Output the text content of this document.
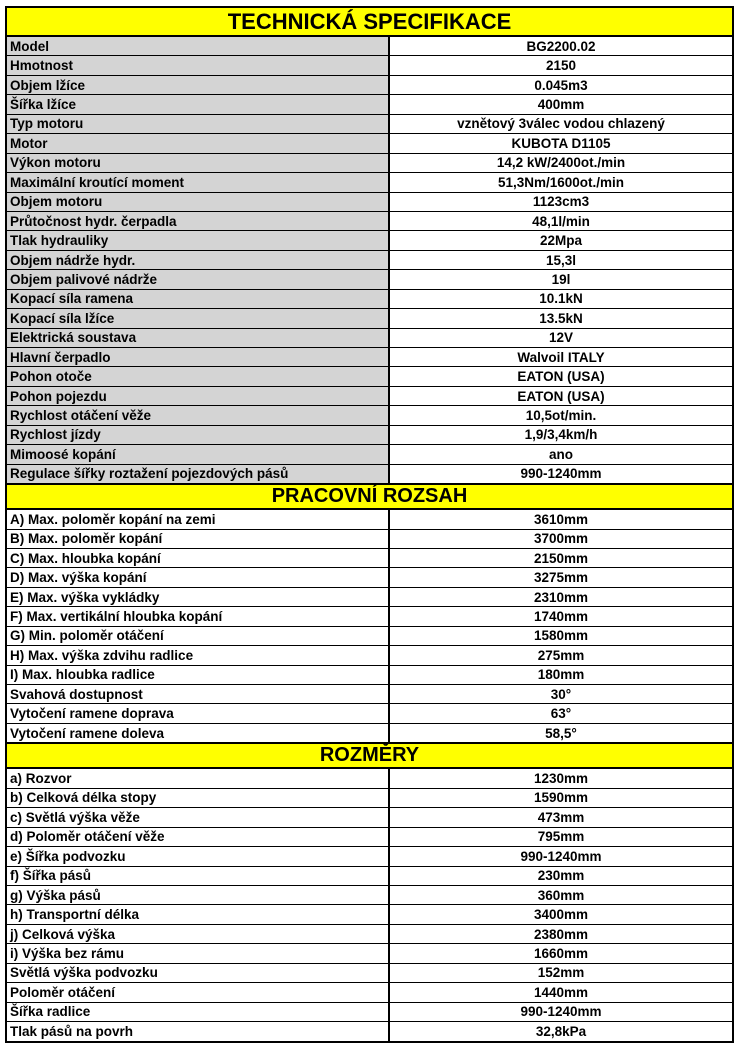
TECHNICKÁ SPECIFIKACE
Model	BG2200.02
Hmotnost	2150
Objem lžíce	0.045m3
Šířka lžíce	400mm
Typ motoru	vznětový 3válec vodou chlazený
Motor	KUBOTA D1105
Výkon motoru	14,2 kW/2400ot./min
Maximální kroutící moment	51,3Nm/1600ot./min
Objem motoru	1123cm3
Průtočnost hydr. čerpadla	48,1l/min
Tlak hydrauliky	22Mpa
Objem nádrže hydr.	15,3l
Objem palivové nádrže	19l
Kopací síla ramena	10.1kN
Kopací síla lžíce	13.5kN
Elektrická soustava	12V
Hlavní čerpadlo	Walvoil ITALY
Pohon otoče	EATON (USA)
Pohon pojezdu	EATON (USA)
Rychlost otáčení věže	10,5ot/min.
Rychlost jízdy	1,9/3,4km/h
Mimoosé kopání	ano
Regulace šířky roztažení pojezdových pásů	990-1240mm
PRACOVNÍ ROZSAH
A) Max. poloměr kopání na zemi	3610mm
B) Max. poloměr kopání	3700mm
C) Max. hloubka kopání	2150mm
D) Max. výška kopání	3275mm
E) Max. výška vykládky	2310mm
F) Max. vertikální hloubka kopání	1740mm
G) Min. poloměr otáčení	1580mm
H) Max. výška zdvihu radlice	275mm
I) Max. hloubka radlice	180mm
Svahová dostupnost	30°
Vytočení ramene doprava	63°
Vytočení ramene doleva	58,5°
ROZMĚRY
a) Rozvor	1230mm
b) Celková délka stopy	1590mm
c) Světlá výška věže	473mm
d) Poloměr otáčení věže	795mm
e) Šířka podvozku	990-1240mm
f) Šířka pásů	230mm
g) Výška pásů	360mm
h) Transportní délka	3400mm
j) Celková výška	2380mm
i) Výška bez rámu	1660mm
Světlá výška podvozku	152mm
Poloměr otáčení	1440mm
Šířka radlice	990-1240mm
Tlak pásů na povrh	32,8kPa
